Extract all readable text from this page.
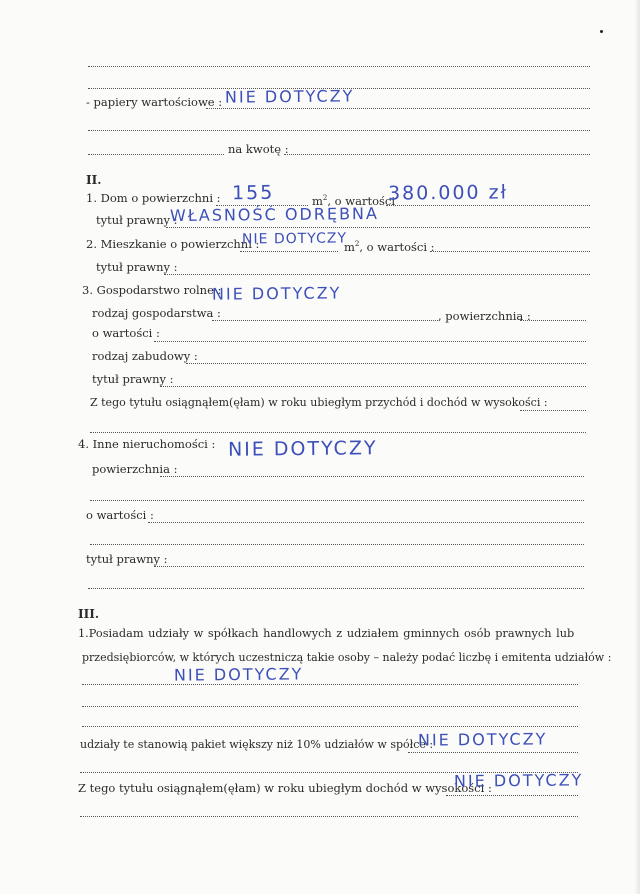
- papiery wartościowe : NIE DOTYCZY
na kwotę :
II.
1. Dom o powierzchni : 155	$m^2$, o wartości
380.000 zł
tytuł prawny :
WŁASNOŚĆ ODRĘBNA
2. Mieszkanie o powierzchni :
NIE DOTYCZY
$m^2$, o wartości :
tytuł prawny :
3. Gospodarstwo rolne :
NIE DOTYCZY
rodzaj gospodarstwa :	, powierzchnia :
o wartości :
rodzaj zabudowy :
tytuł prawny :
Z tego tytułu osiągnąłem(ęłam) w roku ubiegłym przychód i dochód w wysokości :
4. Inne nieruchomości : NIE DOTYCZY
powierzchnia :
o wartości :
tytuł prawny :
III.
1.Posiadam udziały w spółkach handlowych z udziałem gminnych osób prawnych lub
przedsiębiorców, w których uczestniczą takie osoby – należy podać liczbę i emitenta udziałów :
NIE DOTYCZY
udziały te stanowią pakiet większy niż 10% udziałów w spółce :
NIE DOTYCZY
Z tego tytułu osiągnąłem(ęłam) w roku ubiegłym dochód w wysokości :
NIE DOTYCZY
